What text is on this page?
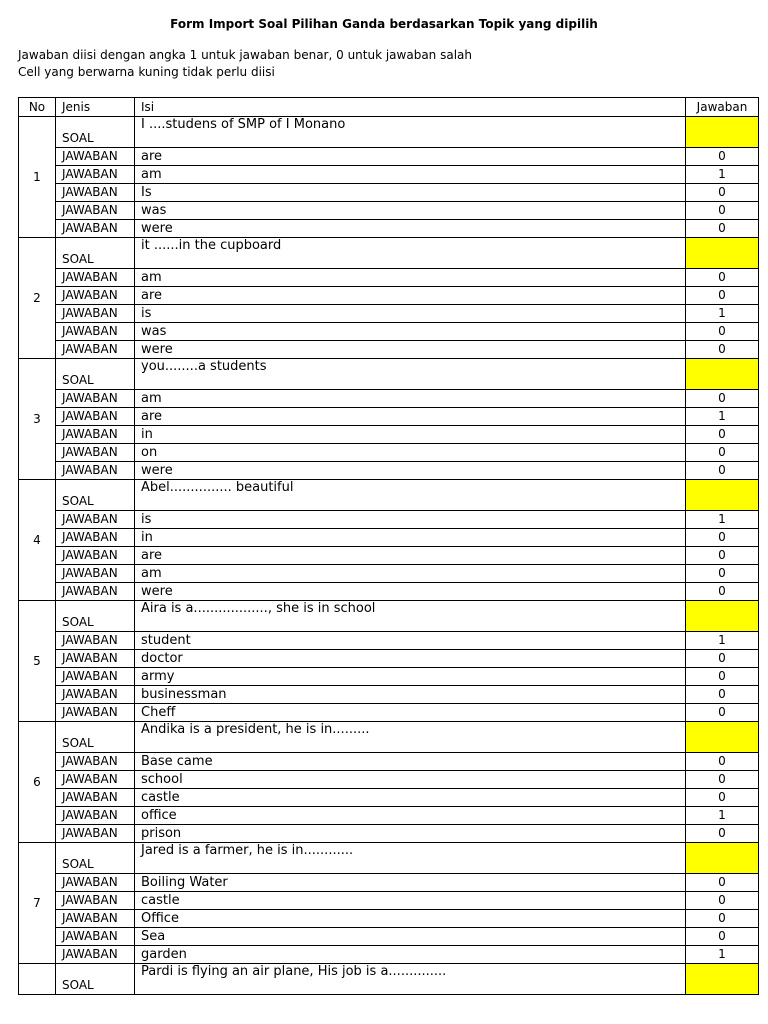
Form Import Soal Pilihan Ganda berdasarkan Topik yang dipilih
Jawaban diisi dengan angka 1 untuk jawaban benar, 0 untuk jawaban salah
Cell yang berwarna kuning tidak perlu diisi
No	Jenis	Isi	Jawaban
1	SOAL	I ....studens of SMP of I Monano	
	JAWABAN	are	0
	JAWABAN	am	1
	JAWABAN	Is	0
	JAWABAN	was	0
	JAWABAN	were	0
2	SOAL	it ......in the cupboard	
	JAWABAN	am	0
	JAWABAN	are	0
	JAWABAN	is	1
	JAWABAN	was	0
	JAWABAN	were	0
3	SOAL	you........a students	
	JAWABAN	am	0
	JAWABAN	are	1
	JAWABAN	in	0
	JAWABAN	on	0
	JAWABAN	were	0
4	SOAL	Abel............... beautiful	
	JAWABAN	is	1
	JAWABAN	in	0
	JAWABAN	are	0
	JAWABAN	am	0
	JAWABAN	were	0
5	SOAL	Aira is a.................., she is in school	
	JAWABAN	student	1
	JAWABAN	doctor	0
	JAWABAN	army	0
	JAWABAN	businessman	0
	JAWABAN	Cheff	0
6	SOAL	Andika is a president, he is in.........	
	JAWABAN	Base came	0
	JAWABAN	school	0
	JAWABAN	castle	0
	JAWABAN	office	1
	JAWABAN	prison	0
7	SOAL	Jared is a farmer, he is in............	
	JAWABAN	Boiling Water	0
	JAWABAN	castle	0
	JAWABAN	Office	0
	JAWABAN	Sea	0
	JAWABAN	garden	1
	SOAL	Pardi is flying an air plane, His job is a..............	
